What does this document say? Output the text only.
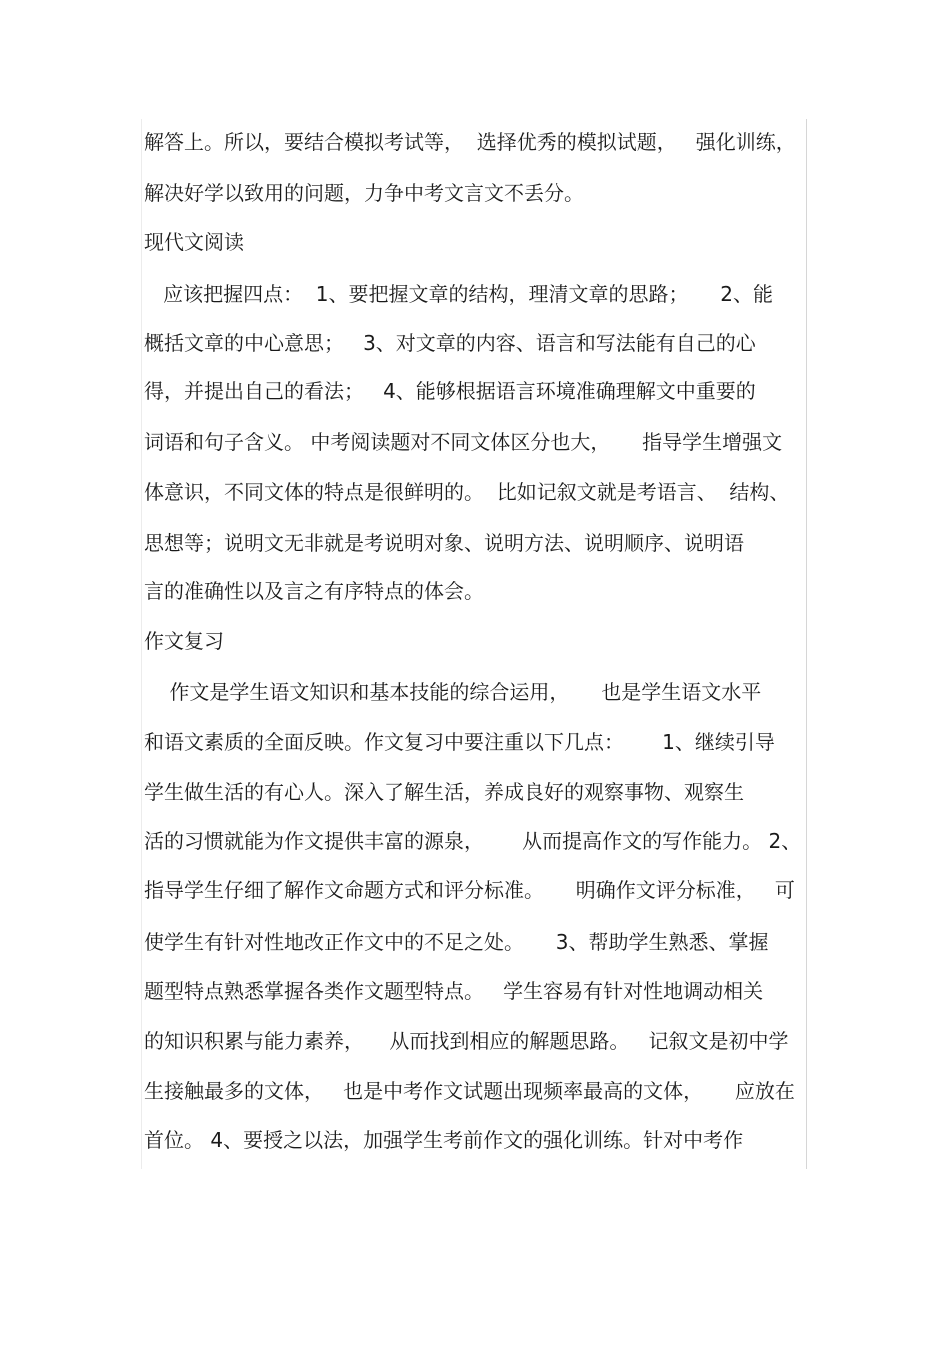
解答上。所以，要结合模拟考试等，  选择优秀的模拟试题，   强化训练，
解决好学以致用的问题，力争中考文言文不丢分。
现代文阅读
应该把握四点：  1、要把握文章的结构，理清文章的思路；     2、能
概括文章的中心意思；   3、对文章的内容、语言和写法能有自己的心
得，并提出自己的看法；   4、能够根据语言环境准确理解文中重要的
词语和句子含义。 中考阅读题对不同文体区分也大，     指导学生增强文
体意识，不同文体的特点是很鲜明的。  比如记叙文就是考语言、  结构、
思想等；说明文无非就是考说明对象、说明方法、说明顺序、说明语
言的准确性以及言之有序特点的体会。
作文复习
作文是学生语文知识和基本技能的综合运用，     也是学生语文水平
和语文素质的全面反映。作文复习中要注重以下几点：      1、继续引导
学生做生活的有心人。深入了解生活，养成良好的观察事物、观察生
活的习惯就能为作文提供丰富的源泉，      从而提高作文的写作能力。 2、
指导学生仔细了解作文命题方式和评分标准。     明确作文评分标准，   可
使学生有针对性地改正作文中的不足之处。     3、帮助学生熟悉、掌握
题型特点熟悉掌握各类作文题型特点。   学生容易有针对性地调动相关
的知识积累与能力素养，    从而找到相应的解题思路。   记叙文是初中学
生接触最多的文体，   也是中考作文试题出现频率最高的文体，     应放在
首位。 4、要授之以法，加强学生考前作文的强化训练。针对中考作
